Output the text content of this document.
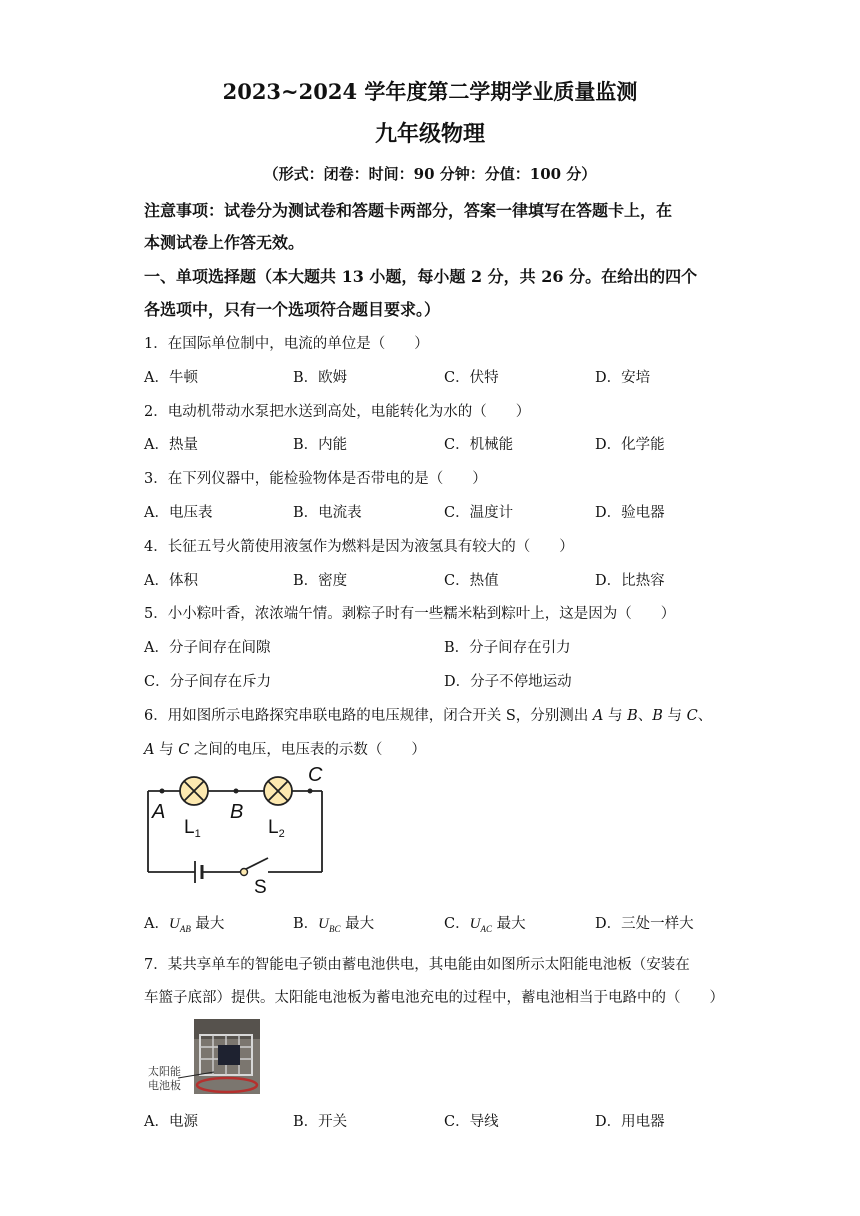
2023~2024 学年度第二学期学业质量监测
九年级物理
（形式：闭卷：时间：90 分钟：分值：100 分）
注意事项：试卷分为测试卷和答题卡两部分，答案一律填写在答题卡上，在
本测试卷上作答无效。
一、单项选择题（本大题共 13 小题，每小题 2 分，共 26 分。在给出的四个
各选项中，只有一个选项符合题目要求。）
1．在国际单位制中，电流的单位是（　　）
A．牛顿	B．欧姆	C．伏特	D．安培
2．电动机带动水泵把水送到高处，电能转化为水的（　　）
A．热量	B．内能	C．机械能	D．化学能
3．在下列仪器中，能检验物体是否带电的是（　　）
A．电压表	B．电流表	C．温度计	D．验电器
4．长征五号火箭使用液氢作为燃料是因为液氢具有较大的（　　）
A．体积	B．密度	C．热值	D．比热容
5．小小粽叶香，浓浓端午情。剥粽子时有一些糯米粘到粽叶上，这是因为（　　）
A．分子间存在间隙	B．分子间存在引力
C．分子间存在斥力	D．分子不停地运动
6．用如图所示电路探究串联电路的电压规律，闭合开关 S，分别测出 A 与 B、B 与 C、
A 与 C 之间的电压，电压表的示数（　　）
A	B
C
$L_1$	$L_2$
S
A．$U_{AB}$ 最大	B．$U_{BC}$ 最大	C．$U_{AC}$ 最大	D．三处一样大
7．某共享单车的智能电子锁由蓄电池供电，其电能由如图所示太阳能电池板（安装在
车篮子底部）提供。太阳能电池板为蓄电池充电的过程中，蓄电池相当于电路中的（　　）
太阳能
电池板
A．电源	B．开关	C．导线	D．用电器
